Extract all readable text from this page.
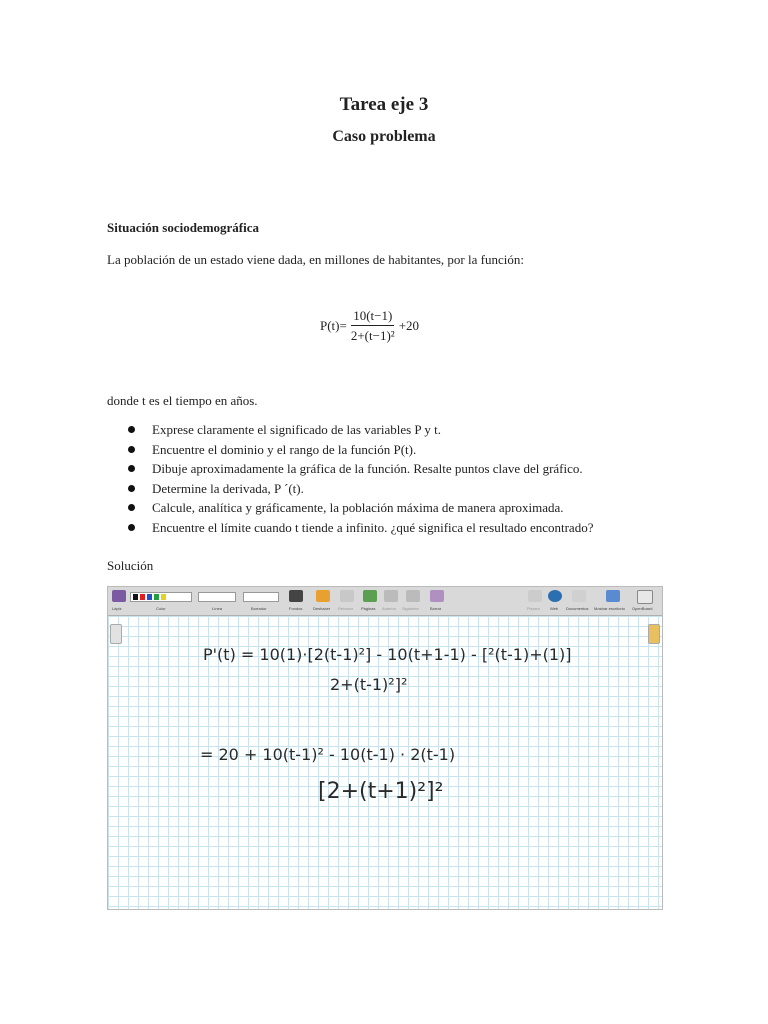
Tarea eje 3
Caso problema
Situación sociodemográfica
La población de un estado viene dada, en millones de habitantes, por la función:
$P(t)= \frac{10(t-1)}{\text{2+(t−1)²}} +20$
donde t es el tiempo en años.
Exprese claramente el significado de las variables P y t.
Encuentre el dominio y el rango de la función P(t).
Dibuje aproximadamente la gráfica de la función. Resalte puntos clave del gráfico.
Determine la derivada, P ´(t).
Calcule, analítica y gráficamente, la población máxima de manera aproximada.
Encuentre el límite cuando t tiende a infinito. ¿qué significa el resultado encontrado?
Solución
Lápiz	Color	Línea	Borrador	Fondos	Deshacer Rehacer Páginas Anterior Siguiente	Borrar	Pizarra	Web Documentos Mostrar escritorio OpenBoard
P'(t) = 10(1)·[2(t-1)²] - 10(t+1-1) - [²(t-1)+(1)]
2+(t-1)²]²
= 20 + 10(t-1)² - 10(t-1) · 2(t-1)
[2+(t+1)²]²
